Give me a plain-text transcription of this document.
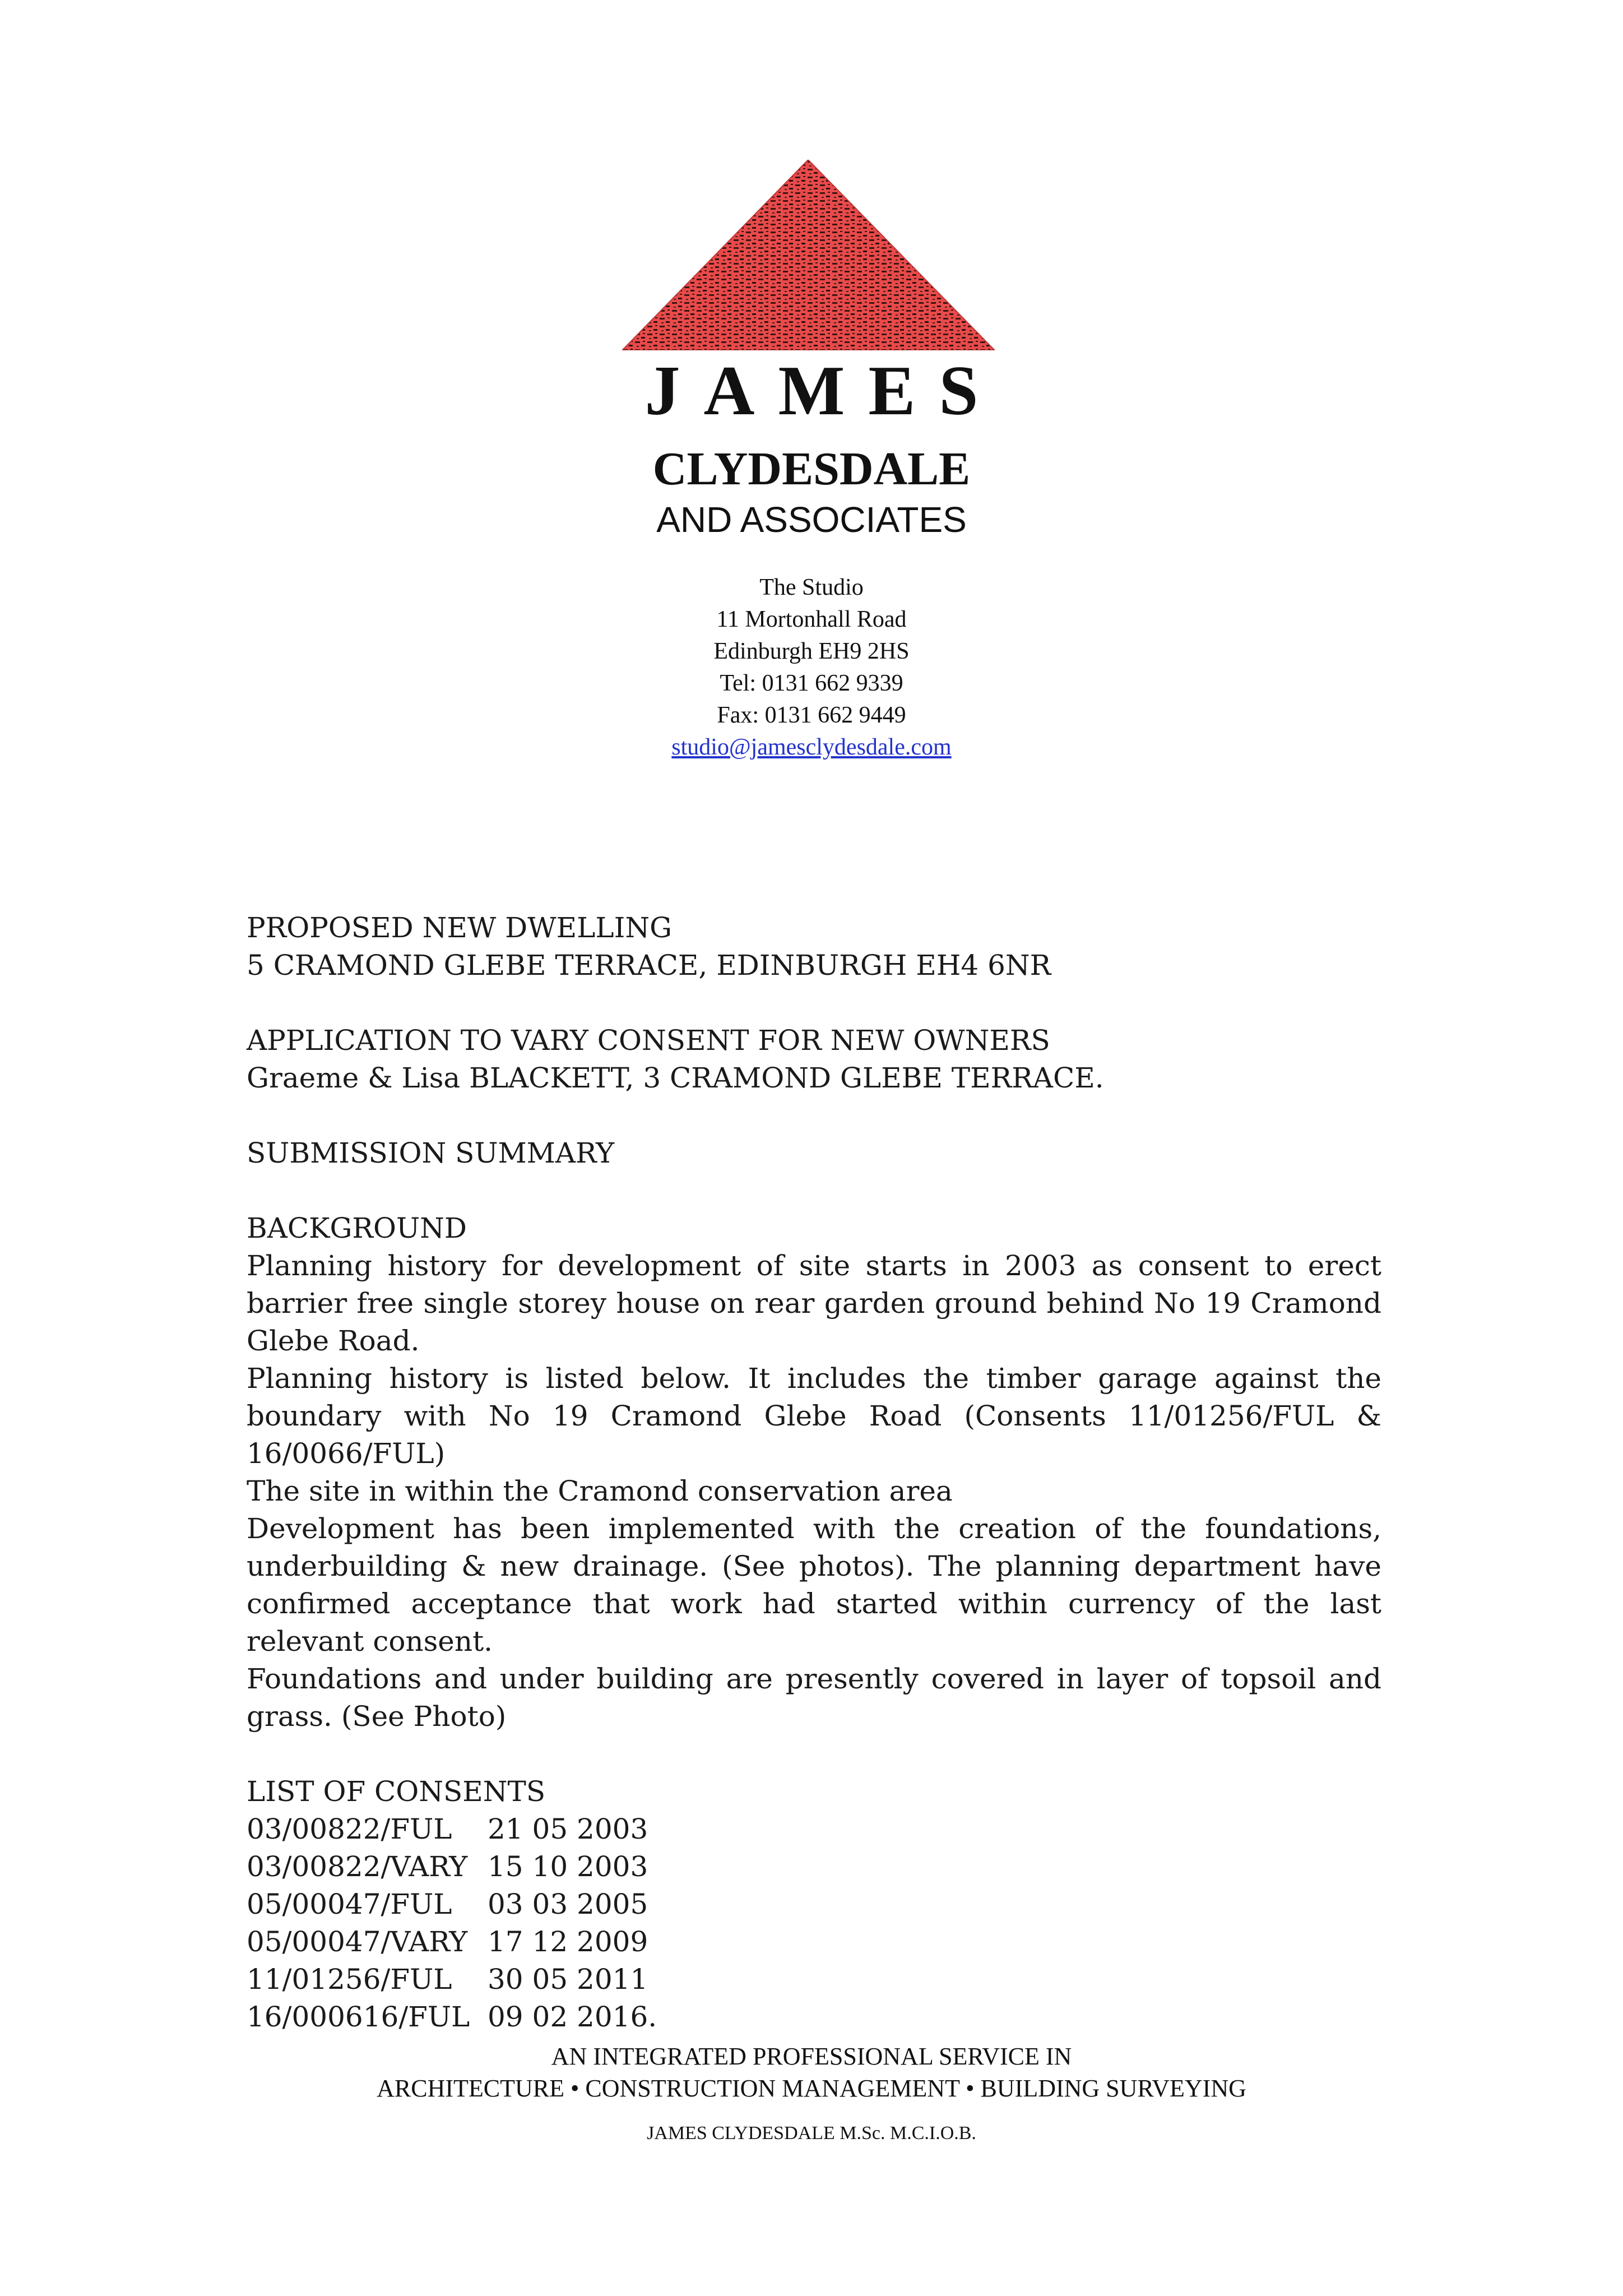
JAMES
CLYDESDALE
AND ASSOCIATES
The Studio
11 Mortonhall Road
Edinburgh EH9 2HS
Tel: 0131 662 9339
Fax: 0131 662 9449
studio@jamesclydesdale.com

PROPOSED NEW DWELLING

5 CRAMOND GLEBE TERRACE, EDINBURGH EH4 6NR

APPLICATION TO VARY CONSENT FOR NEW OWNERS

Graeme & Lisa BLACKETT, 3 CRAMOND GLEBE TERRACE.

SUBMISSION SUMMARY

BACKGROUND

Planning history for development of site starts in 2003 as consent to erect barrier free single storey house on rear garden ground behind No 19 Cramond Glebe Road.

Planning history is listed below. It includes the timber garage against the boundary with No 19 Cramond Glebe Road (Consents 11/01256/FUL & 16/0066/FUL)

The site in within the Cramond conservation area

Development has been implemented with the creation of the foundations, underbuilding & new drainage. (See photos). The planning department have confirmed acceptance that work had started within currency of the last relevant consent.

Foundations and under building are presently covered in layer of topsoil and grass. (See Photo)

LIST OF CONSENTS

03/00822/FUL	21 05 2003
03/00822/VARY 15 10 2003
05/00047/FUL	03 03 2005
05/00047/VARY 17 12 2009
11/01256/FUL	30 05 2011
16/000616/FUL 09 02 2016.
AN INTEGRATED PROFESSIONAL SERVICE IN
ARCHITECTURE • CONSTRUCTION MANAGEMENT • BUILDING SURVEYING
JAMES CLYDESDALE M.Sc. M.C.I.O.B.
